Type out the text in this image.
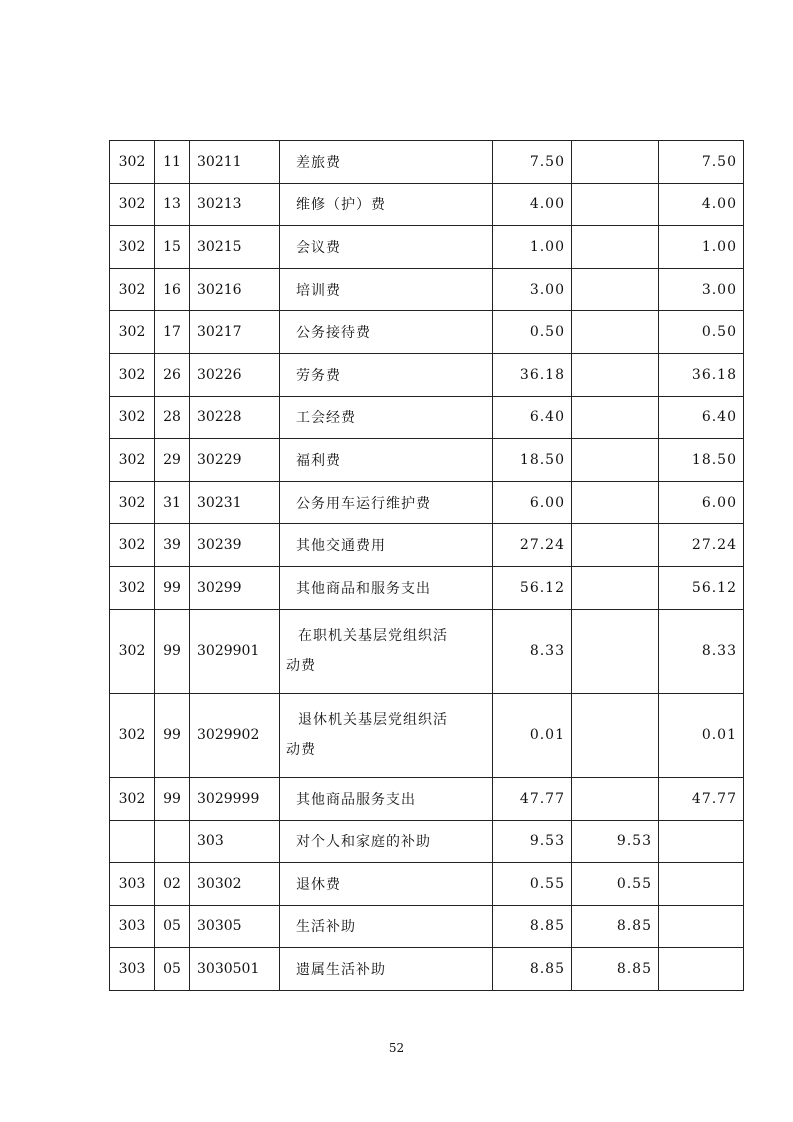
302	11	30211	差旅费	7.50		7.50
302	13	30213	维修（护）费	4.00		4.00
302	15	30215	会议费	1.00		1.00
302	16	30216	培训费	3.00		3.00
302	17	30217	公务接待费	0.50		0.50
302	26	30226	劳务费	36.18		36.18
302	28	30228	工会经费	6.40		6.40
302	29	30229	福利费	18.50		18.50
302	31	30231	公务用车运行维护费	6.00		6.00
302	39	30239	其他交通费用	27.24		27.24
302	99	30299	其他商品和服务支出	56.12		56.12
302	99	3029901	在职机关基层党组织活
动费	8.33		8.33
302	99	3029902	退休机关基层党组织活
动费	0.01		0.01
302	99	3029999	其他商品服务支出	47.77		47.77
		303	对个人和家庭的补助	9.53	9.53	
303	02	30302	退休费	0.55	0.55	
303	05	30305	生活补助	8.85	8.85	
303	05	3030501	遗属生活补助	8.85	8.85	
52
